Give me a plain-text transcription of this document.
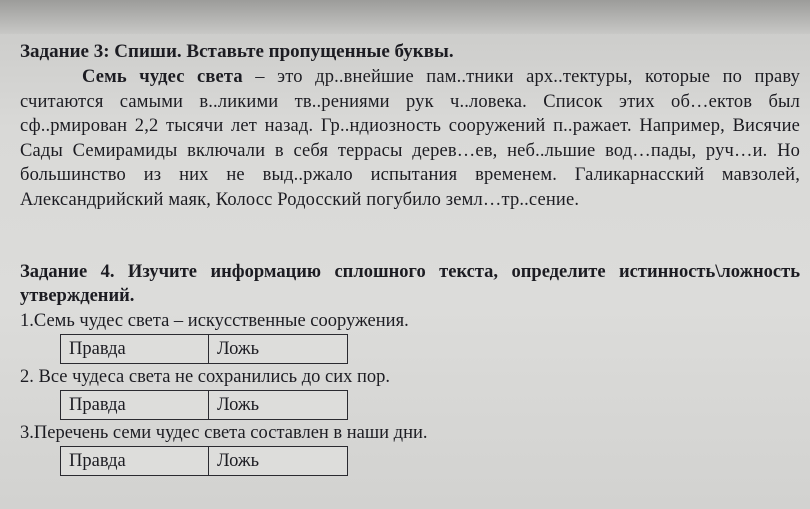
Задание 3: Спиши. Вставьте пропущенные буквы.

Семь чудес света – это др..внейшие пам..тники арх..тектуры, которые по праву считаются самыми в..ликими тв..рениями рук ч..ловека. Список этих об…ектов был сф..рмирован 2,2 тысячи лет назад. Гр..ндиозность сооружений п..ражает. Например, Висячие Сады Семирамиды включали в себя террасы дерев…ев, неб..льшие вод…пады, руч…и. Но большинство из них не выд..ржало испытания временем. Галикарнасский мавзолей, Александрийский маяк, Колосс Родосский погубило земл…тр..сение.

Задание 4. Изучите информацию сплошного текста, определите истинность\ложность утверждений.
1.Семь чудес света – искусственные сооружения.
Правда	Ложь
2. Все чудеса света не сохранились до сих пор.
Правда	Ложь
3.Перечень семи чудес света составлен в наши дни.
Правда	Ложь
